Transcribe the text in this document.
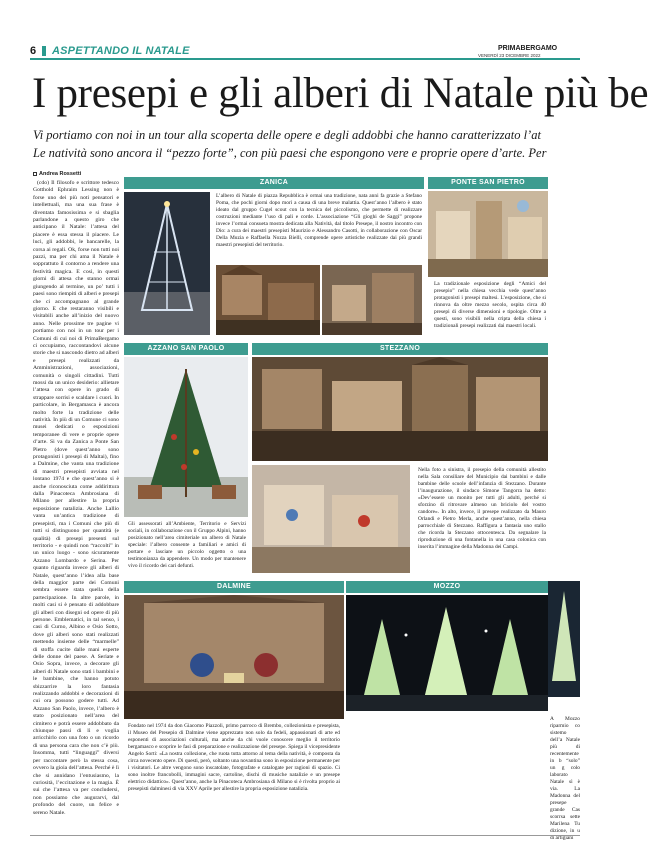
6 ASPETTANDO IL NATALE	PRIMABERGAMO
VENERDÌ 23 DICEMBRE 2022
I presepi e gli alberi di Natale più be
Vi portiamo con noi in un tour alla scoperta delle opere e degli addobbi che hanno caratterizzato l’at
Le natività sono ancora il “pezzo forte”, con più paesi che espongono vere e proprie opere d’arte. Per
Andrea Rossetti

(cdo) Il filosofo e scrittore tedesco Gotthold Ephraim Lessing non è forse uno dei più noti pensatori e intellettuali, ma una sua frase è diventata famosissima e si sbaglia parlandone a questo giro che anticipano il Natale: l’attesa del piacere è essa stessa il piacere. Le luci, gli addobbi, le bancarelle, la corsa ai regali. Ok, forse non tutti noi pazzi, ma per chi ama il Natale è sopprattuto il contorno a rendere una festività magica. E così, in questi giorni di attesa che stanno ormai giungendo al termine, un po’ tutti i paesi sono riempiti di alberi e presepi che ci accompagnano al grande giorno. E che restaranno visibili e visitabili anche all’inizio del nuovo anno. Nelle prossime tre pagine vi portiamo con noi in un tour per i Comuni di cui noi di PrimaBergamo ci occupiamo, raccontandovi alcune storie che si nascondo dietro ad alberi e presepi realizzati da Amministrazioni, associazioni, comunità o singoli cittadini. Tutti mossi da un unico desiderio: allietare l’attesa con opere in grado di strappare sorrisi e scaldare i cuori. In particolare, in Bergamasca è ancora molto forte la tradizione delle natività. In più di un Comune ci sono musei dedicati o esposizioni temporanee di vere e proprie opere d’arte. Si va da Zanica a Ponte San Pietro (dove quest’anno sono protagonisti i presepi di Maltai), fino a Dalmine, che vanta una tradizione di maestri presepisti avviata nel lontano 1974 e che quest’anno si è anche riconosciuta come addirittura dalla Pinacoteca Ambrosiana di Milano per allestire la propria esposizione natalizia. Anche Lallio vanta un’antica tradizione di presepisti, ma i Comuni che più di tutti si distinguono per quantità (e qualità) di presepi presenti sul territorio - e quindi non “raccolti” in un unico luogo - sono sicuramente Azzano Lombardo e Serina. Per quanto riguarda invece gli alberi di Natale, quest’anno l’idea alla base della maggior parte dei Comuni sembra essere stata quella della partecipazione. In altre parole, in molti casi si è pensato di addobbare gli alberi con disegni od opere di più persone. Emblematici, in tal senso, i casi di Curno, Albino e Osio Sotto, dove gli alberi sono stati realizzati mettendo insieme delle “marmelle” di stoffa cucite dalle mani esperte delle donne del paese. A Seriate e Osio Sopra, invece, a decorare gli alberi di Natale sono stati i bambini e le bambine, che hanno potuto sbizzarrire la loro fantasia realizzando addobbi e decorazioni di cui ora possono godere tutti. Ad Azzano San Paolo, invece, l’albero è stato posizionato nell’area del cimitero e potrà essere addobbato da chiunque passi di lì e voglia arricchirlo con una foto o un ricordo di una persona cara che non c’è più. Insomma, tutti “linguaggi” diversi per raccontare però la stessa cosa, ovvero la gioia dell’attesa. Perché è lì che si annidano l’entusiasmo, la curiosità, l’eccitazione e la magia. È sui che l’attesa va per concludersi, non possiamo che augurarvi, dal profondo del cuore, un felice e sereno Natale.

ZANICA
L’albero di Natale di piazza Repubblica è ormai una tradizione, nata anni fa grazie a Stefano Poma, che pochi giorni dopo morì a causa di una breve malattia. Quest’anno l’albero è stato ideato dal gruppo Cugel scout con la tecnica del piccolismo, che permette di realizzare costruzioni mediante l’uso di pali e corde. L’associazione “Gli gioghi de Saggi” propone invece l’ormai consueta mostra dedicata alla Natività, dal titolo Presepe, il nostro incontro con Dio: a cura dei maestri presepisti Maurizio e Alessandro Casotti, in collaborazione con Oscar Della Muzia e Raffaella Nozza Bielli, comprende opere artistiche realizzate dai più grandi maestri presepisti del territorio.
PONTE SAN PIETRO
La tradizionale esposizione degli “Amici del presepio” nella chiesa vecchia vede quest’anno protagonisti i presepi maltesi. L’esposizione, che si rinnova da oltre mezzo secolo, ospita circa 40 presepi di diverse dimensioni e tipologie. Oltre a questi, sono visibili nella cripta della chiesa i tradizionali presepi realizzati dai maestri locali.
AZZANO SAN PAOLO
Gli assessorati all’Ambiente, Territorio e Servizi sociali, in collaborazione con il Gruppo Alpini, hanno posizionato nell’area cimiteriale un albero di Natale speciale: l’albero consente a familiari e amici di portare e lasciare un piccolo oggetto o una testimonianza da appendere. Un modo per mantenere vivo il ricordo dei cari defunti.
STEZZANO
Nella foto a sinistra, il presepio della comunità allestito nella Sala consiliare del Municipio dai bambini e dalle bambine delle scuole dell’infanzia di Stezzano. Durante l’inaugurazione, il sindaco Simone Tangorra ha detto: «Dev’essere un monito per tutti gli adulti, perché si sforzino di ritrovare almeno un briciolo del vostro candore». In alto, invece, il presepe realizzato da Mauro Orlandi e Pietro Merla, anche quest’anno, nella chiesa parrocchiale di Stezzano. Raffigura a fantasia uno stallo che ricorda la Stezzano ottocentesca. Da segnalare la riproduzione di una fontanella in una casa colonica con inserita l’immagine della Madonna dei Campi.
DALMINE
Fondato nel 1974 da don Giacomo Piazzoli, primo parroco di Brembo, collezionista e presepista, il Museo del Presepio di Dalmine viene apprezzato non solo da fedeli, appassionati di arte ed esponenti di associazioni culturali, ma anche da chi vuole conoscere meglio il territorio bergamasco e scoprire le fasi di preparazione e realizzazione del presepe. Spiega il vicepresidente Angelo Sorti: «La nostra collezione, che ruota tutta attorno al tema della natività, è composta da circa novecento opere. Di questi, però, soltanto una novantina sono in esposizione permanente per i visitatori. Le altre vengono sono inscatolate, fotografate e catalogate per ragioni di spazio. Ci sono inoltre francobolli, immagini sacre, cartoline, dischi di musiche natalizie e un presepe elettrico didattico». Quest’anno, anche la Pinacoteca Ambrosiana di Milano si è rivolta proprio ai presepisti dalminesi di via XXV Aprile per allestire la propria esposizione natalizia.
MOZZO
A Mozzo riparmio co sistemo dell’a Natale più di recentemente in b “solo” un g colo laborato Natale sì è via. La Madonna del presepe grande Cas scorrsa sette Marilena Tu dizione, in u di artigiani
